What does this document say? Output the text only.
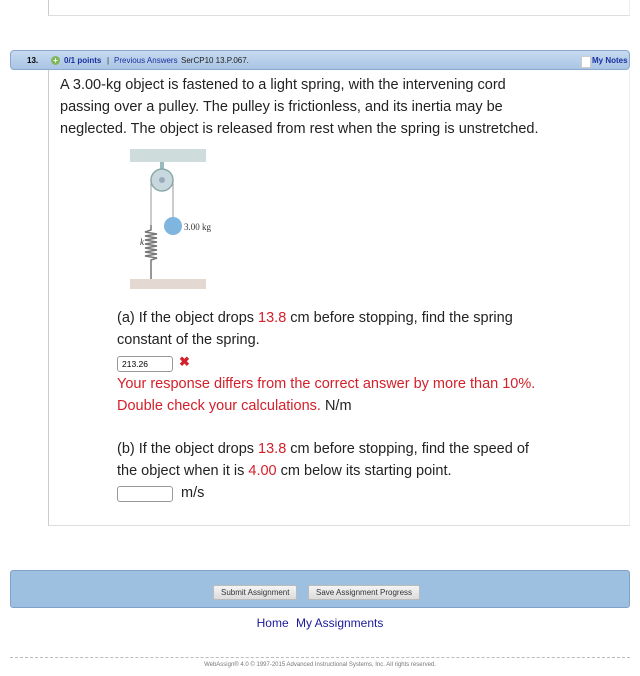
13. + 0/1 points | Previous Answers SerCP10 13.P.067.	My Notes
A 3.00-kg object is fastened to a light spring, with the intervening cord
passing over a pulley. The pulley is frictionless, and its inertia may be
neglected. The object is released from rest when the spring is unstretched.
3.00 kg
k
(a) If the object drops 13.8 cm before stopping, find the spring
constant of the spring.
213.26
✖
Your response differs from the correct answer by more than 10%.
Double check your calculations. N/m
(b) If the object drops 13.8 cm before stopping, find the speed of
the object when it is 4.00 cm below its starting point.
m/s
Submit Assignment	Save Assignment Progress
Home My Assignments
WebAssign® 4.0 © 1997-2015 Advanced Instructional Systems, Inc. All rights reserved.
